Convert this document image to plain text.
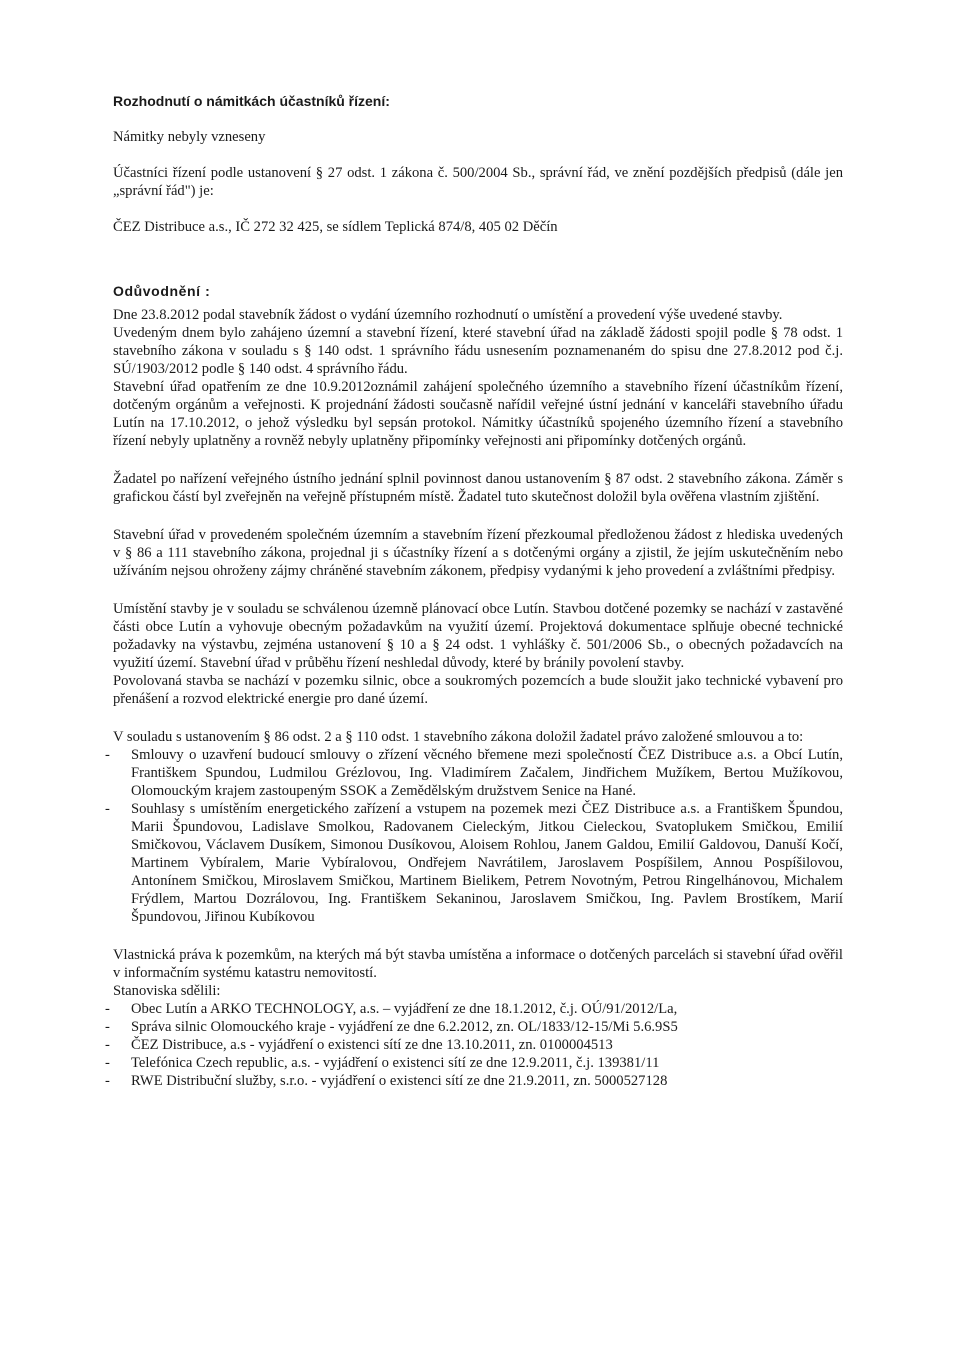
Rozhodnutí o námitkách účastníků řízení:

Námitky nebyly vzneseny

Účastníci řízení podle ustanovení § 27 odst. 1 zákona č. 500/2004 Sb., správní řád, ve znění pozdějších předpisů (dále jen „správní řád") je:

ČEZ Distribuce a.s., IČ 272 32 425, se sídlem Teplická 874/8, 405 02 Děčín

Odůvodnění :

Dne 23.8.2012 podal stavebník žádost o vydání územního rozhodnutí o umístění a provedení výše uvedené stavby.

Uvedeným dnem bylo zahájeno územní a stavební řízení, které stavební úřad na základě žádosti spojil podle § 78 odst. 1 stavebního zákona v souladu s § 140 odst. 1 správního řádu usnesením poznamenaném do spisu dne 27.8.2012 pod č.j. SÚ/1903/2012 podle § 140 odst. 4 správního řádu.

Stavební úřad opatřením ze dne 10.9.2012oznámil zahájení společného územního a stavebního řízení účastníkům řízení, dotčeným orgánům a veřejnosti. K projednání žádosti současně nařídil veřejné ústní jednání v kanceláři stavebního úřadu Lutín na 17.10.2012, o jehož výsledku byl sepsán protokol. Námitky účastníků spojeného územního řízení a stavebního řízení nebyly uplatněny a rovněž nebyly uplatněny připomínky veřejnosti ani připomínky dotčených orgánů.

Žadatel po nařízení veřejného ústního jednání splnil povinnost danou ustanovením § 87 odst. 2 stavebního zákona. Záměr s grafickou částí byl zveřejněn na veřejně přístupném místě. Žadatel tuto skutečnost doložil byla ověřena vlastním zjištění.

Stavební úřad v provedeném společném územním a stavebním řízení přezkoumal předloženou žádost z hlediska uvedených v § 86 a 111 stavebního zákona, projednal ji s účastníky řízení a s dotčenými orgány a zjistil, že jejím uskutečněním nebo užíváním nejsou ohroženy zájmy chráněné stavebním zákonem, předpisy vydanými k jeho provedení a zvláštními předpisy.

Umístění stavby je v souladu se schválenou územně plánovací obce Lutín. Stavbou dotčené pozemky se nachází v zastavěné části obce Lutín a vyhovuje obecným požadavkům na využití území. Projektová dokumentace splňuje obecné technické požadavky na výstavbu, zejména ustanovení § 10 a § 24 odst. 1 vyhlášky č. 501/2006 Sb., o obecných požadavcích na využití území. Stavební úřad v průběhu řízení neshledal důvody, které by bránily povolení stavby.

Povolovaná stavba se nachází v pozemku silnic, obce a soukromých pozemcích a bude sloužit jako technické vybavení pro přenášení a rozvod elektrické energie pro dané území.

V souladu s ustanovením § 86 odst. 2 a § 110 odst. 1 stavebního zákona doložil žadatel právo založené smlouvou a to:

- Smlouvy o uzavření budoucí smlouvy o zřízení věcného břemene mezi společností ČEZ Distribuce a.s. a Obcí Lutín, Františkem Spundou, Ludmilou Grézlovou, Ing. Vladimírem Začalem, Jindřichem Mužíkem, Bertou Mužíkovou, Olomouckým krajem zastoupeným SSOK a Zemědělským družstvem Senice na Hané.
- Souhlasy s umístěním energetického zařízení a vstupem na pozemek mezi ČEZ Distribuce a.s. a Františkem Špundou, Marii Špundovou, Ladislave Smolkou, Radovanem Cieleckým, Jitkou Cieleckou, Svatoplukem Smičkou, Emilií Smičkovou, Václavem Dusíkem, Simonou Dusíkovou, Aloisem Rohlou, Janem Galdou, Emilií Galdovou, Danuší Kočí, Martinem Vybíralem, Marie Vybíralovou, Ondřejem Navrátilem, Jaroslavem Pospíšilem, Annou Pospíšilovou, Antonínem Smičkou, Miroslavem Smičkou, Martinem Bielikem, Petrem Novotným, Petrou Ringelhánovou, Michalem Frýdlem, Martou Dozrálovou, Ing. Františkem Sekaninou, Jaroslavem Smičkou, Ing. Pavlem Brostíkem, Marií Špundovou, Jiřinou Kubíkovou

Vlastnická práva k pozemkům, na kterých má být stavba umístěna a informace o dotčených parcelách si stavební úřad ověřil v informačním systému katastru nemovitostí.

Stanoviska sdělili:

- Obec Lutín a ARKO TECHNOLOGY, a.s. – vyjádření ze dne 18.1.2012, č.j. OÚ/91/2012/La,
- Správa silnic Olomouckého kraje - vyjádření ze dne 6.2.2012, zn. OL/1833/12-15/Mi 5.6.9S5
- ČEZ Distribuce, a.s - vyjádření o existenci sítí ze dne 13.10.2011, zn. 0100004513
- Telefónica Czech republic, a.s. - vyjádření o existenci sítí ze dne 12.9.2011, č.j. 139381/11
- RWE Distribuční služby, s.r.o. - vyjádření o existenci sítí ze dne 21.9.2011, zn. 5000527128
